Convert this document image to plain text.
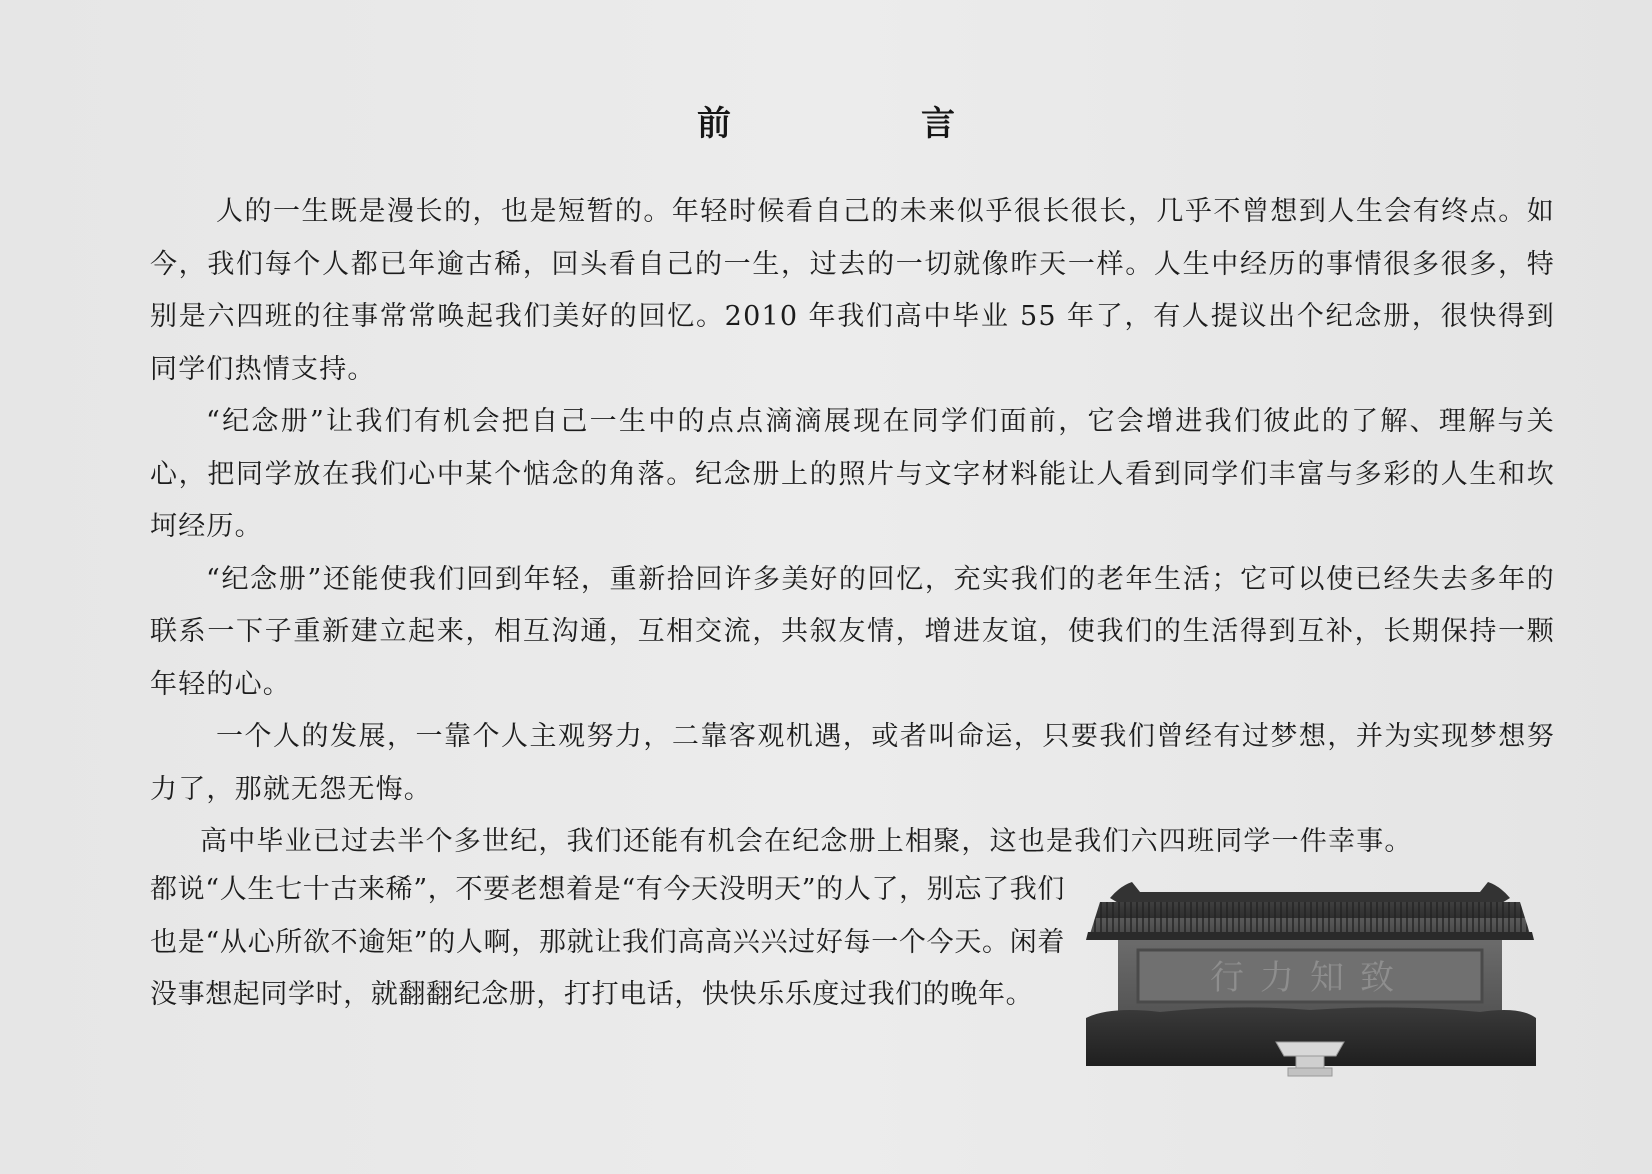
前　言

人的一生既是漫长的，也是短暂的。年轻时候看自己的未来似乎很长很长，几乎不曾想到人生会有终点。如今，我们每个人都已年逾古稀，回头看自己的一生，过去的一切就像昨天一样。人生中经历的事情很多很多，特别是六四班的往事常常唤起我们美好的回忆。2010 年我们高中毕业 55 年了，有人提议出个纪念册，很快得到同学们热情支持。

“纪念册”让我们有机会把自己一生中的点点滴滴展现在同学们面前，它会增进我们彼此的了解、理解与关心，把同学放在我们心中某个惦念的角落。纪念册上的照片与文字材料能让人看到同学们丰富与多彩的人生和坎坷经历。

“纪念册”还能使我们回到年轻，重新拾回许多美好的回忆，充实我们的老年生活；它可以使已经失去多年的联系一下子重新建立起来，相互沟通，互相交流，共叙友情，增进友谊，使我们的生活得到互补，长期保持一颗年轻的心。

一个人的发展，一靠个人主观努力，二靠客观机遇，或者叫命运，只要我们曾经有过梦想，并为实现梦想努力了，那就无怨无悔。

高中毕业已过去半个多世纪，我们还能有机会在纪念册上相聚，这也是我们六四班同学一件幸事。

都说“人生七十古来稀”，不要老想着是“有今天没明天”的人了，别忘了我们也是“从心所欲不逾矩”的人啊，那就让我们高高兴兴过好每一个今天。闲着没事想起同学时，就翻翻纪念册，打打电话，快快乐乐度过我们的晚年。	行力知致
